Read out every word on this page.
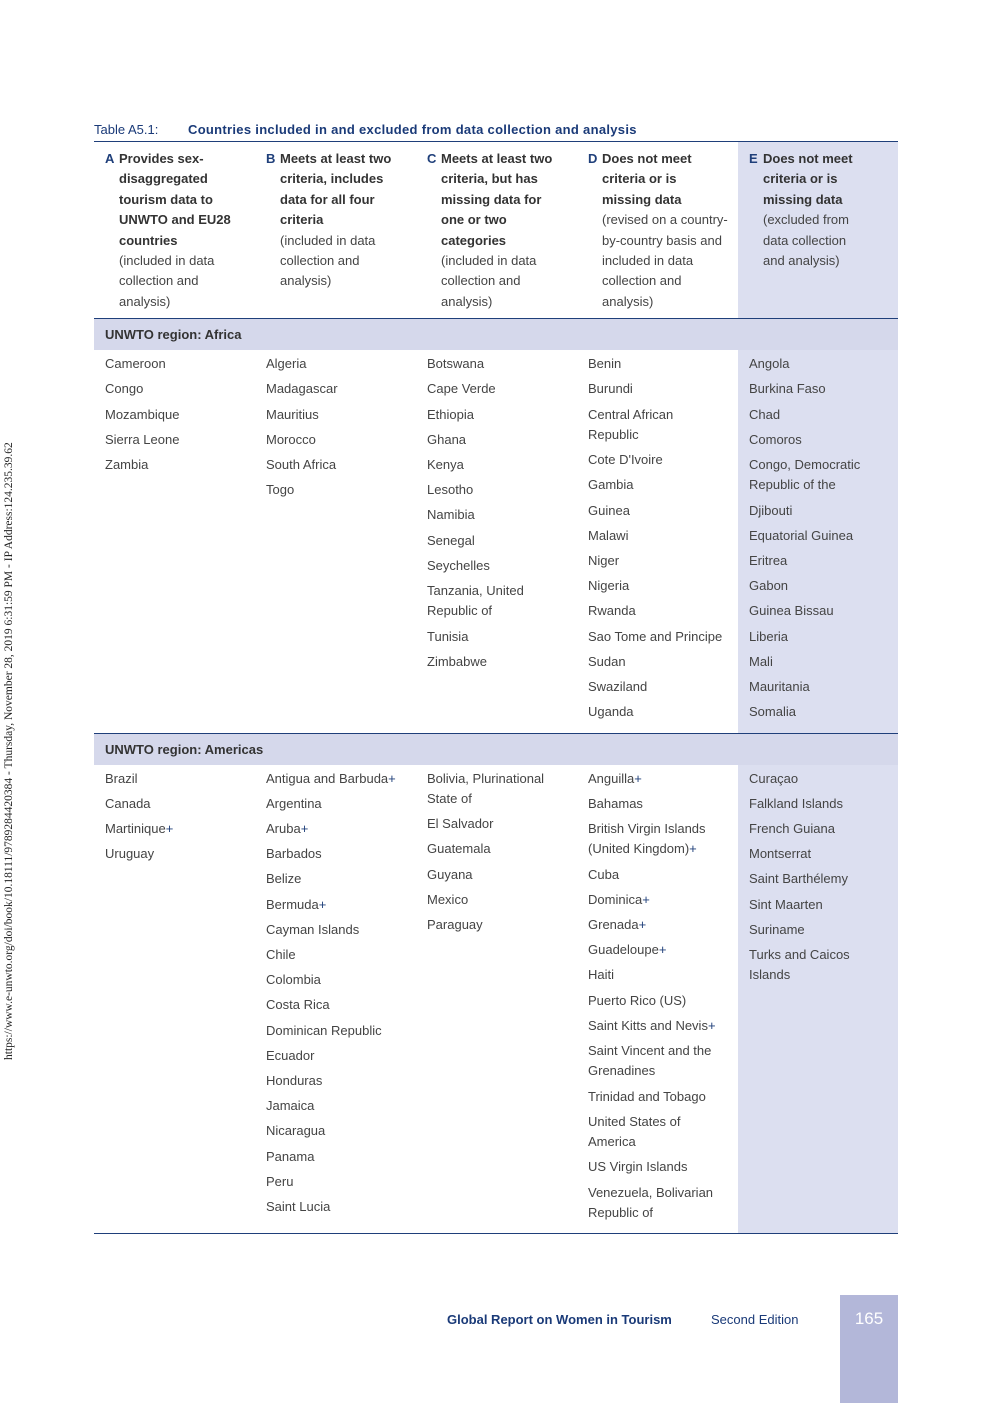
https://www.e-unwto.org/doi/book/10.18111/9789284420384 - Thursday, November 28, 2019 6:31:59 PM - IP Address:124.235.39.62
Table A5.1: Countries included in and excluded from data collection and analysis
A Provides sex-disaggregated tourism data to UNWTO and EU28 countries
(included in data collection and analysis)
B Meets at least two criteria, includes data for all four criteria
(included in data collection and analysis)
C Meets at least two criteria, but has missing data for one or two categories
(included in data collection and analysis)
D Does not meet criteria or is missing data
(revised on a country-by-country basis and included in data collection and analysis)
E Does not meet criteria or is missing data
(excluded from data collection and analysis)
UNWTO region: Africa
Cameroon
Congo
Mozambique
Sierra Leone
Zambia
Algeria
Madagascar
Mauritius
Morocco
South Africa
Togo
Botswana
Cape Verde
Ethiopia
Ghana
Kenya
Lesotho
Namibia
Senegal
Seychelles
Tanzania, United Republic of
Tunisia
Zimbabwe
Benin
Burundi
Central African Republic
Cote D'Ivoire
Gambia
Guinea
Malawi
Niger
Nigeria
Rwanda
Sao Tome and Principe
Sudan
Swaziland
Uganda
Angola
Burkina Faso
Chad
Comoros
Congo, Democratic Republic of the
Djibouti
Equatorial Guinea
Eritrea
Gabon
Guinea Bissau
Liberia
Mali
Mauritania
Somalia
UNWTO region: Americas
Brazil
Canada
Martinique+
Uruguay
Antigua and Barbuda+
Argentina
Aruba+
Barbados
Belize
Bermuda+
Cayman Islands
Chile
Colombia
Costa Rica
Dominican Republic
Ecuador
Honduras
Jamaica
Nicaragua
Panama
Peru
Saint Lucia
Bolivia, Plurinational State of
El Salvador
Guatemala
Guyana
Mexico
Paraguay
Anguilla+
Bahamas
British Virgin Islands (United Kingdom)+
Cuba
Dominica+
Grenada+
Guadeloupe+
Haiti
Puerto Rico (US)
Saint Kitts and Nevis+
Saint Vincent and the Grenadines
Trinidad and Tobago
United States of America
US Virgin Islands
Venezuela, Bolivarian Republic of
Curaçao
Falkland Islands
French Guiana
Montserrat
Saint Barthélemy
Sint Maarten
Suriname
Turks and Caicos Islands
Global Report on Women in Tourism	Second Edition	165
